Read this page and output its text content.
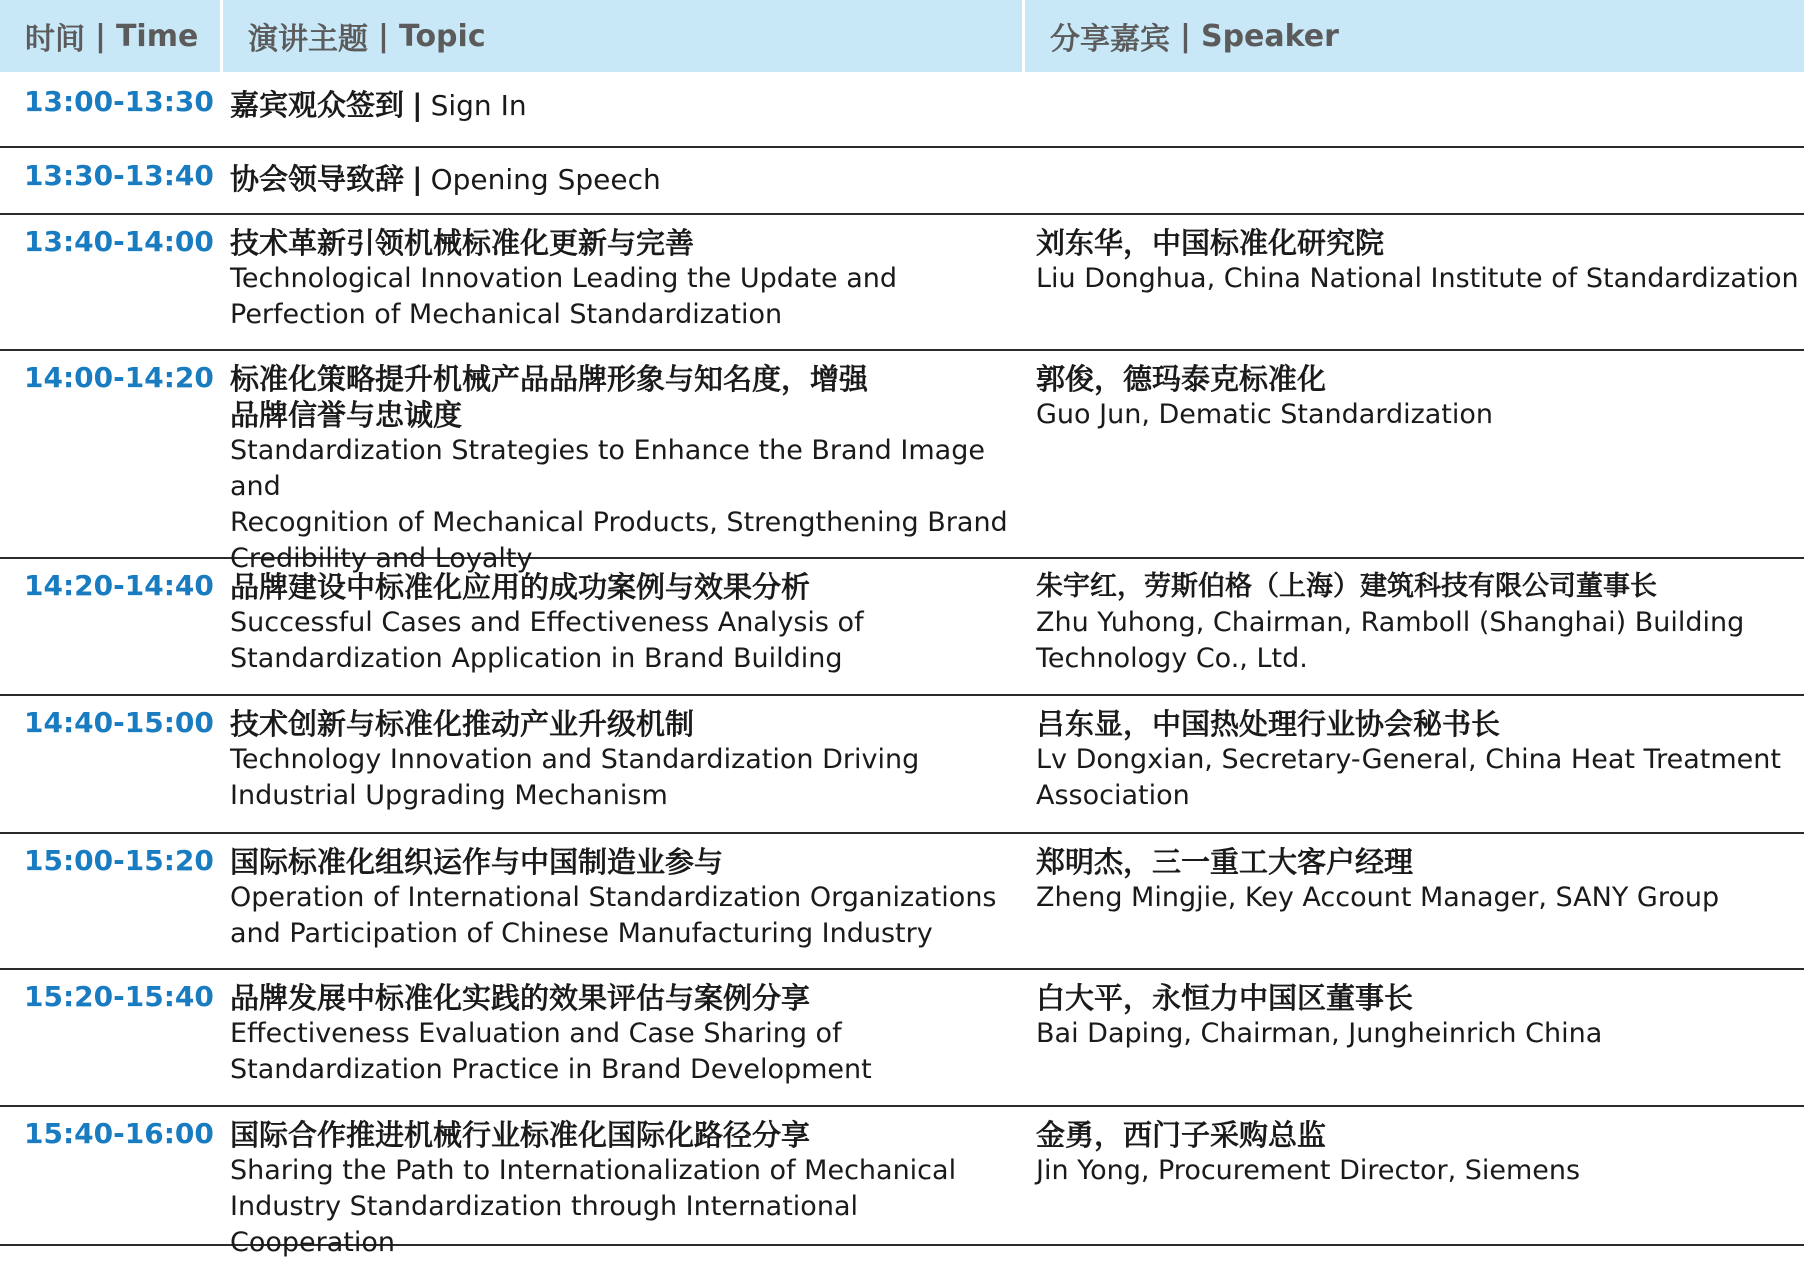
时间 | Time 演讲主题 | Topic	分享嘉宾 | Speaker
13:00-13:30 嘉宾观众签到 | Sign In
13:30-13:40 协会领导致辞 | Opening Speech
13:40-14:00 技术革新引领机械标准化更新与完善
Technological Innovation Leading the Update and
Perfection of Mechanical Standardization
刘东华，中国标准化研究院
Liu Donghua, China National Institute of Standardization
14:00-14:20 标准化策略提升机械产品品牌形象与知名度，增强
品牌信誉与忠诚度
Standardization Strategies to Enhance the Brand Image and
Recognition of Mechanical Products, Strengthening Brand
Credibility and Loyalty
郭俊，德玛泰克标准化
Guo Jun, Dematic Standardization
14:20-14:40 品牌建设中标准化应用的成功案例与效果分析
Successful Cases and Effectiveness Analysis of
Standardization Application in Brand Building
朱宇红，劳斯伯格（上海）建筑科技有限公司董事长
Zhu Yuhong, Chairman, Ramboll (Shanghai) Building
Technology Co., Ltd.
14:40-15:00 技术创新与标准化推动产业升级机制
Technology Innovation and Standardization Driving
Industrial Upgrading Mechanism
吕东显，中国热处理行业协会秘书长
Lv Dongxian, Secretary-General, China Heat Treatment
Association
15:00-15:20 国际标准化组织运作与中国制造业参与
Operation of International Standardization Organizations
and Participation of Chinese Manufacturing Industry
郑明杰，三一重工大客户经理
Zheng Mingjie, Key Account Manager, SANY Group
15:20-15:40 品牌发展中标准化实践的效果评估与案例分享
Effectiveness Evaluation and Case Sharing of
Standardization Practice in Brand Development
白大平，永恒力中国区董事长
Bai Daping, Chairman, Jungheinrich China
15:40-16:00 国际合作推进机械行业标准化国际化路径分享
Sharing the Path to Internationalization of Mechanical
Industry Standardization through International Cooperation
金勇，西门子采购总监
Jin Yong, Procurement Director, Siemens
